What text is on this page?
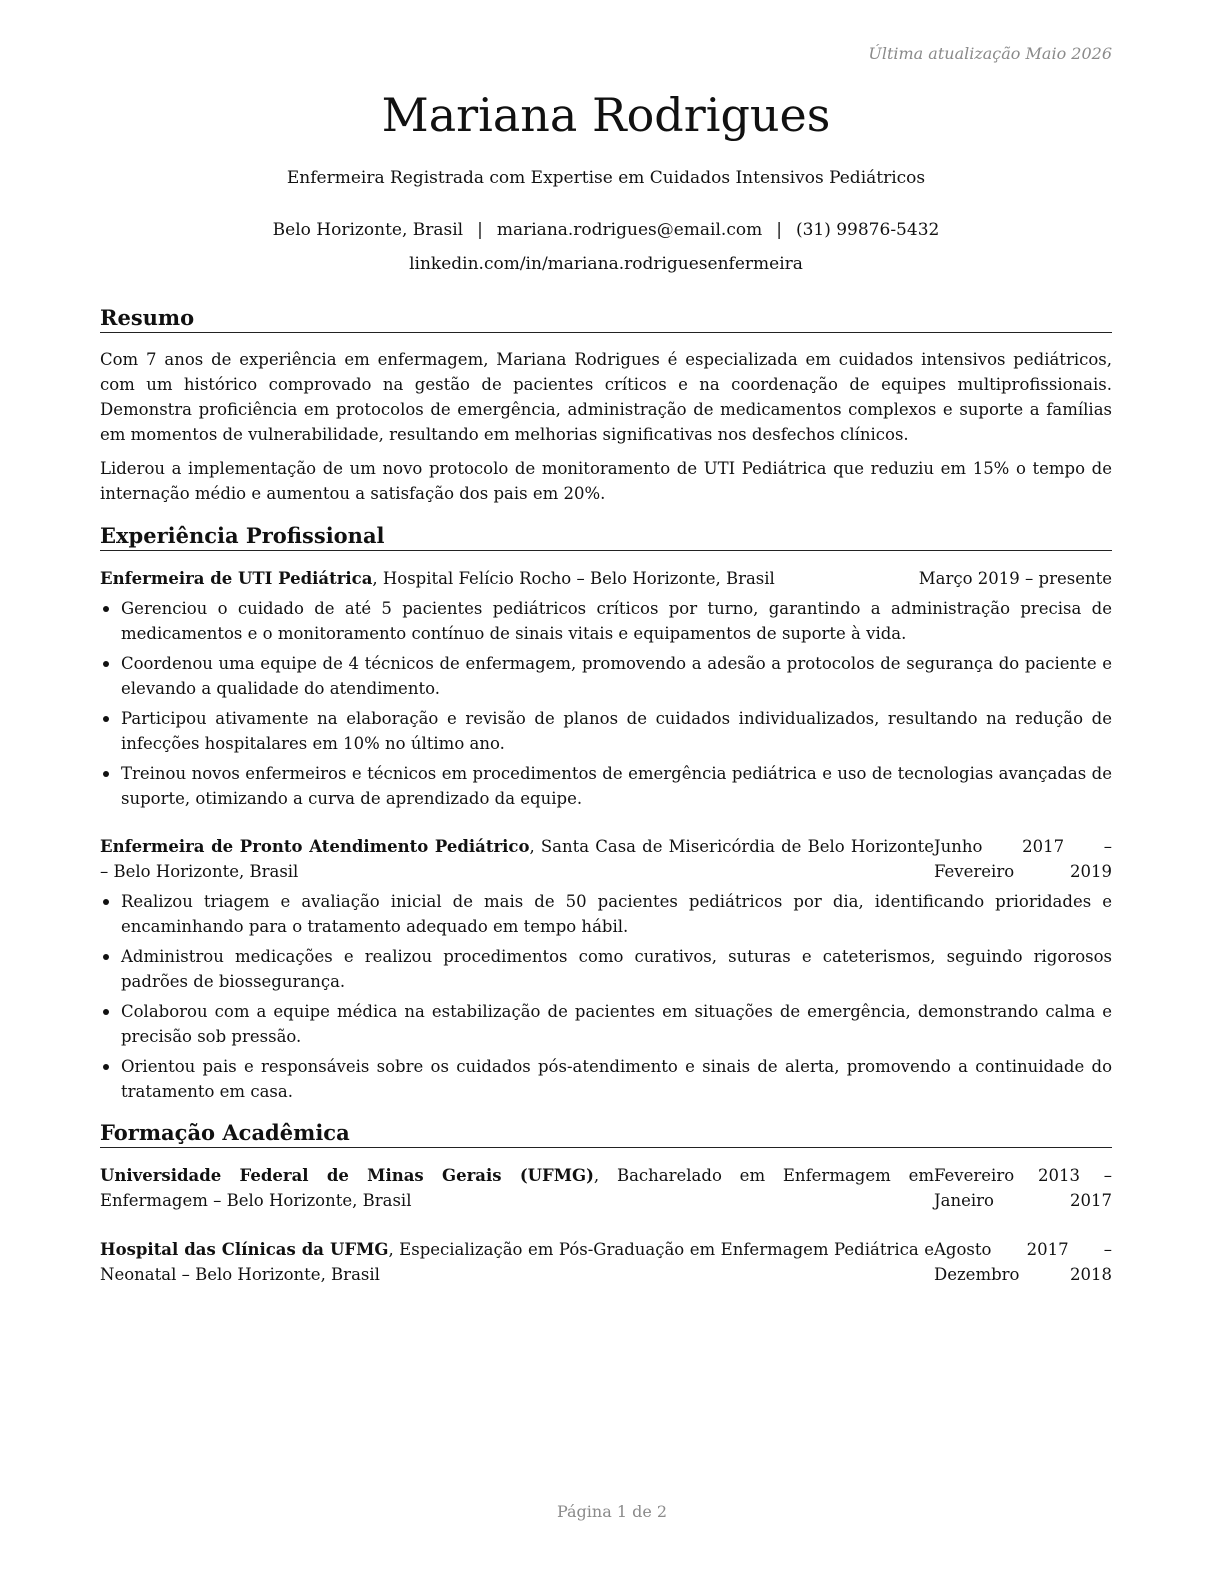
Última atualização Maio 2026
Mariana Rodrigues
Enfermeira Registrada com Expertise em Cuidados Intensivos Pediátricos
Belo Horizonte, Brasil | mariana.rodrigues@email.com | (31) 99876-5432
linkedin.com/in/mariana.rodriguesenfermeira
Resumo
Com 7 anos de experiência em enfermagem, Mariana Rodrigues é especializada em cuidados intensivos pediátricos, com um histórico comprovado na gestão de pacientes críticos e na coordenação de equipes multiprofissionais. Demonstra proficiência em protocolos de emergência, administração de medicamentos complexos e suporte a famílias em momentos de vulnerabilidade, resultando em melhorias significativas nos desfechos clínicos.
Liderou a implementação de um novo protocolo de monitoramento de UTI Pediátrica que reduziu em 15% o tempo de internação médio e aumentou a satisfação dos pais em 20%.
Experiência Profissional
Enfermeira de UTI Pediátrica, Hospital Felício Rocho – Belo Horizonte, Brasil	Março 2019 – presente
Gerenciou o cuidado de até 5 pacientes pediátricos críticos por turno, garantindo a administração precisa de medicamentos e o monitoramento contínuo de sinais vitais e equipamentos de suporte à vida.
Coordenou uma equipe de 4 técnicos de enfermagem, promovendo a adesão a protocolos de segurança do paciente e elevando a qualidade do atendimento.
Participou ativamente na elaboração e revisão de planos de cuidados individualizados, resultando na redução de infecções hospitalares em 10% no último ano.
Treinou novos enfermeiros e técnicos em procedimentos de emergência pediátrica e uso de tecnologias avançadas de suporte, otimizando a curva de aprendizado da equipe.
Enfermeira de Pronto Atendimento Pediátrico, Santa Casa de Misericórdia de Belo Horizonte – Belo Horizonte, Brasil
Junho 2017 – Fevereiro 2019
Realizou triagem e avaliação inicial de mais de 50 pacientes pediátricos por dia, identificando prioridades e encaminhando para o tratamento adequado em tempo hábil.
Administrou medicações e realizou procedimentos como curativos, suturas e cateterismos, seguindo rigorosos padrões de biossegurança.
Colaborou com a equipe médica na estabilização de pacientes em situações de emergência, demonstrando calma e precisão sob pressão.
Orientou pais e responsáveis sobre os cuidados pós-atendimento e sinais de alerta, promovendo a continuidade do tratamento em casa.
Formação Acadêmica
Universidade Federal de Minas Gerais (UFMG), Bacharelado em Enfermagem em Enfermagem – Belo Horizonte, Brasil
Fevereiro 2013 – Janeiro 2017
Hospital das Clínicas da UFMG, Especialização em Pós-Graduação em Enfermagem Pediátrica e Neonatal – Belo Horizonte, Brasil
Agosto 2017 – Dezembro 2018
Página 1 de 2
